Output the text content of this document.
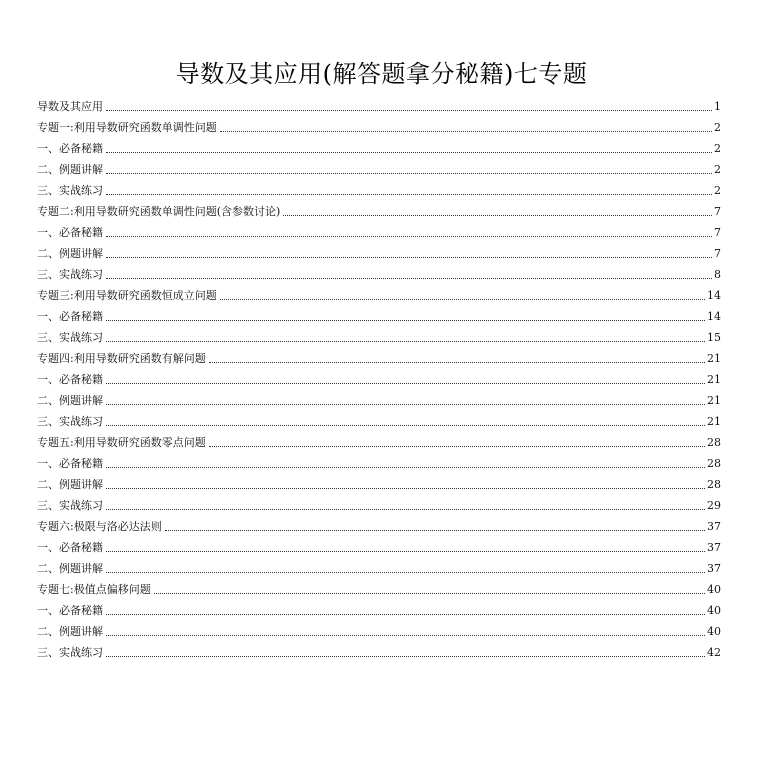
导数及其应用(解答题拿分秘籍)七专题
导数及其应用	1
专题一:利用导数研究函数单调性问题	2
一、必备秘籍	2
二、例题讲解	2
三、实战练习	2
专题二:利用导数研究函数单调性问题(含参数讨论)	7
一、必备秘籍	7
二、例题讲解	7
三、实战练习	8
专题三:利用导数研究函数恒成立问题	14
一、必备秘籍	14
三、实战练习	15
专题四:利用导数研究函数有解问题	21
一、必备秘籍	21
二、例题讲解	21
三、实战练习	21
专题五:利用导数研究函数零点问题	28
一、必备秘籍	28
二、例题讲解	28
三、实战练习	29
专题六:极限与洛必达法则	37
一、必备秘籍	37
二、例题讲解	37
专题七:极值点偏移问题	40
一、必备秘籍	40
二、例题讲解	40
三、实战练习	42
